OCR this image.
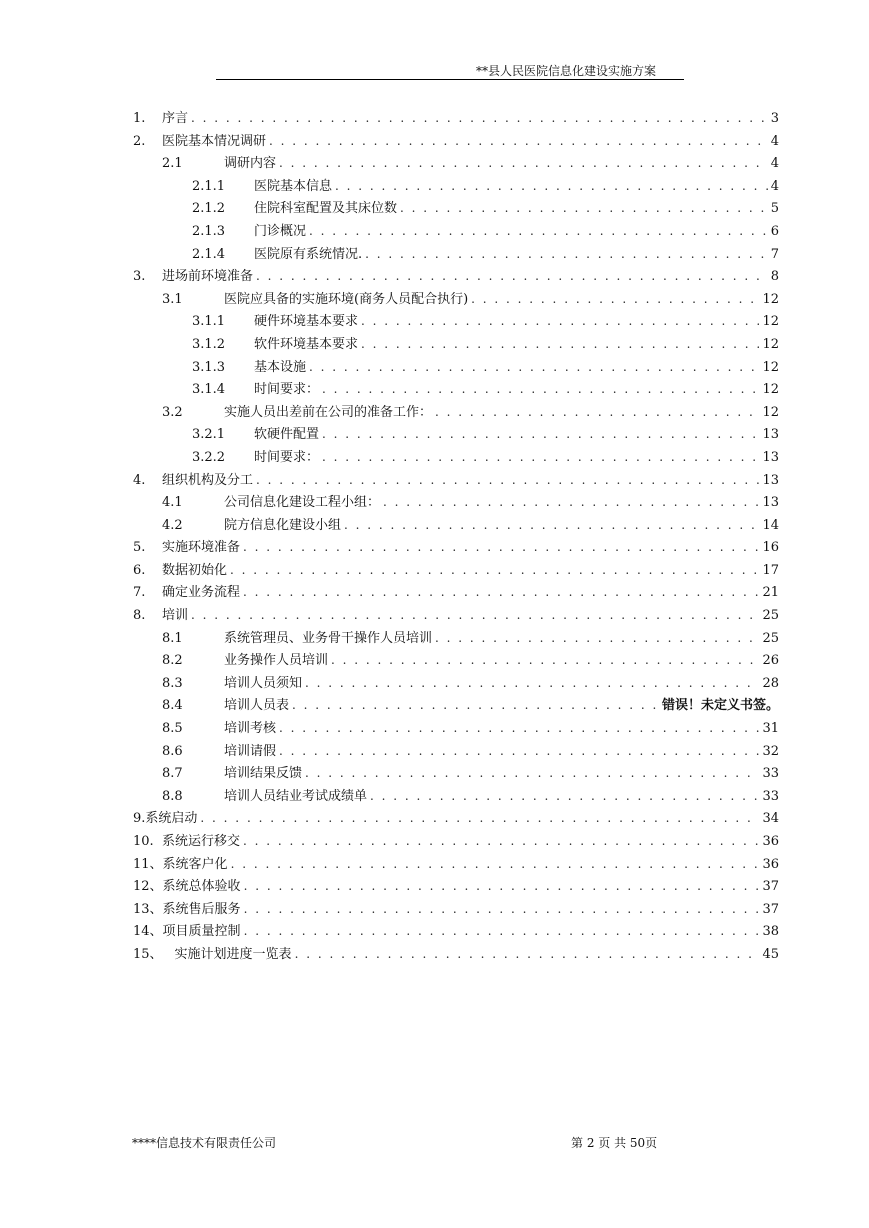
**县人民医院信息化建设实施方案
1.	序言 . . .	3
2.	医院基本情况调研 . . .	4
2.1	调研内容 . . .	4
2.1.1	医院基本信息 . . .	4
2.1.2	住院科室配置及其床位数 . . .	5
2.1.3	门诊概况 . . .	6
2.1.4	医院原有系统情况. . . .	7
3.	进场前环境准备 . . .	8
3.1	医院应具备的实施环境(商务人员配合执行) . . .	12
3.1.1	硬件环境基本要求 . . .	12
3.1.2	软件环境基本要求 . . .	12
3.1.3	基本设施 . . .	12
3.1.4	时间要求： . . .	12
3.2	实施人员出差前在公司的准备工作： . . .	12
3.2.1	软硬件配置 . . .	13
3.2.2	时间要求： . . .	13
4.	组织机构及分工 . . .	13
4.1	公司信息化建设工程小组： . . .	13
4.2	院方信息化建设小组 . . .	14
5.	实施环境准备 . . .	16
6.	数据初始化 . . .	17
7.	确定业务流程 . . .	21
8.	培训 . . .	25
8.1	系统管理员、业务骨干操作人员培训 . . .	25
8.2	业务操作人员培训 . . .	26
8.3	培训人员须知 . . .	28
8.4	培训人员表 . . .	错误！未定义书签。
8.5	培训考核 . . .	31
8.6	培训请假 . . .	32
8.7	培训结果反馈 . . .	33
8.8	培训人员结业考试成绩单 . . .	33
9. 系统启动 . . .	34
10. 系统运行移交 . . .	36
11、 系统客户化 . . .	36
12、 系统总体验收 . . .	37
13、 系统售后服务 . . .	37
14、 项目质量控制 . . .	38
15、 实施计划进度一览表 . . .	45
****信息技术有限责任公司	第 2 页 共 50页
